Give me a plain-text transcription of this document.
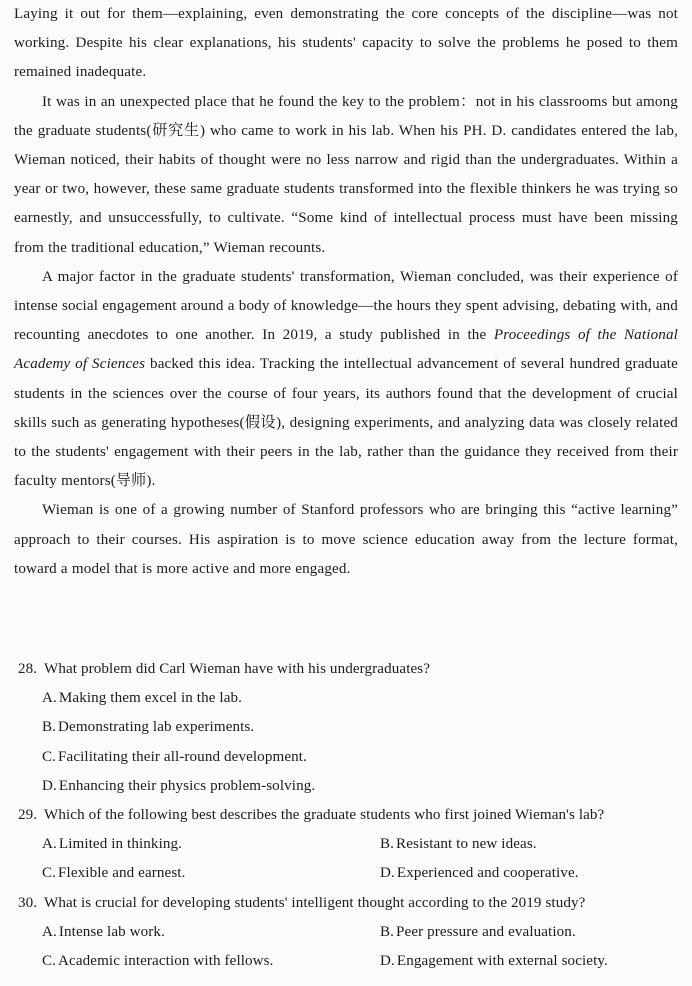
Laying it out for them—explaining, even demonstrating the core concepts of the discipline—was not working. Despite his clear explanations, his students' capacity to solve the problems he posed to them remained inadequate.

It was in an unexpected place that he found the key to the problem：not in his classrooms but among the graduate students(研究生) who came to work in his lab. When his PH. D. candidates entered the lab, Wieman noticed, their habits of thought were no less narrow and rigid than the undergraduates. Within a year or two, however, these same graduate students transformed into the flexible thinkers he was trying so earnestly, and unsuccessfully, to cultivate. “Some kind of intellectual process must have been missing from the traditional education,” Wieman recounts.

A major factor in the graduate students' transformation, Wieman concluded, was their experience of intense social engagement around a body of knowledge—the hours they spent advising, debating with, and recounting anecdotes to one another. In 2019, a study published in the Proceedings of the National Academy of Sciences backed this idea. Tracking the intellectual advancement of several hundred graduate students in the sciences over the course of four years, its authors found that the development of crucial skills such as generating hypotheses(假设), designing experiments, and analyzing data was closely related to the students' engagement with their peers in the lab, rather than the guidance they received from their faculty mentors(导师).

Wieman is one of a growing number of Stanford professors who are bringing this “active learning” approach to their courses. His aspiration is to move science education away from the lecture format, toward a model that is more active and more engaged.

28. What problem did Carl Wieman have with his undergraduates?

A. Making them excel in the lab.
B. Demonstrating lab experiments.
C. Facilitating their all-round development.
D. Enhancing their physics problem-solving.

29. Which of the following best describes the graduate students who first joined Wieman's lab?

A. Limited in thinking.	B. Resistant to new ideas.
C. Flexible and earnest.	D. Experienced and cooperative.

30. What is crucial for developing students' intelligent thought according to the 2019 study?

A. Intense lab work.	B. Peer pressure and evaluation.
C. Academic interaction with fellows.	D. Engagement with external society.
